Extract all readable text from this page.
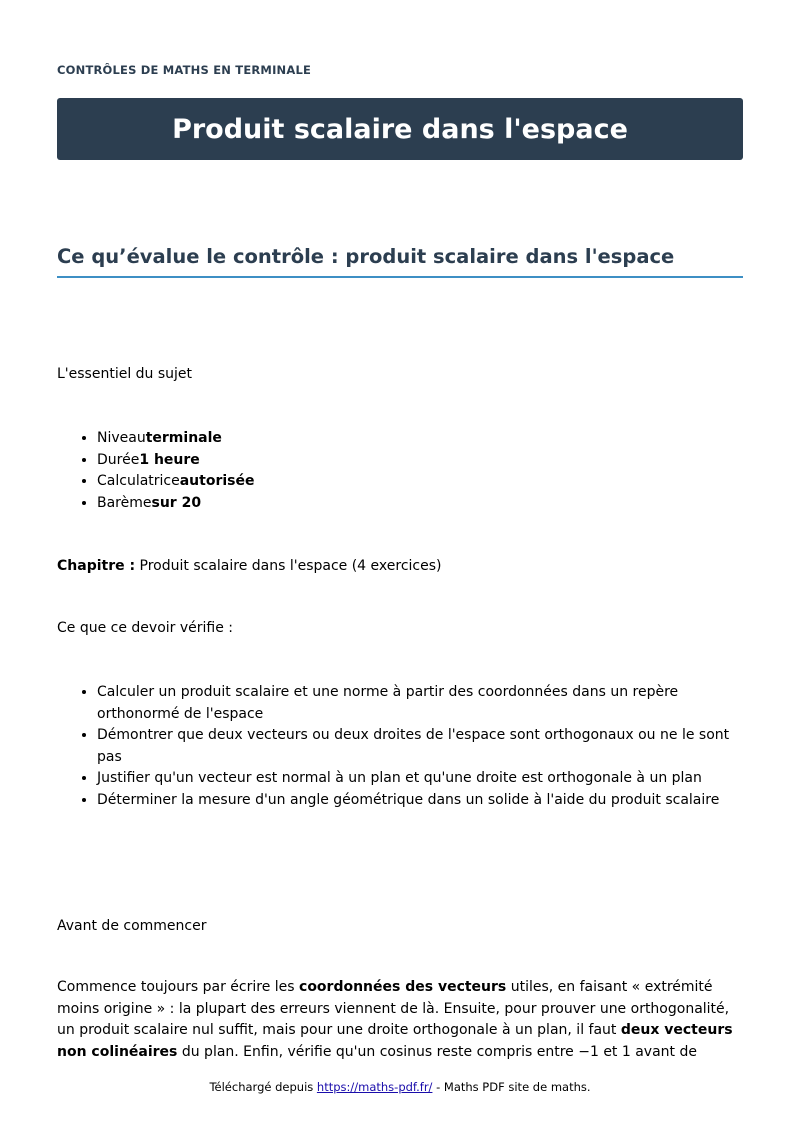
CONTRÔLES DE MATHS EN TERMINALE
Produit scalaire dans l'espace
Ce qu’évalue le contrôle : produit scalaire dans l'espace

L'essentiel du sujet

• Niveauterminale
• Durée1 heure
• Calculatriceautorisée
• Barèmesur 20

Chapitre : Produit scalaire dans l'espace (4 exercices)

Ce que ce devoir vérifie :

• Calculer un produit scalaire et une norme à partir des coordonnées dans un repère orthonormé de l'espace
• Démontrer que deux vecteurs ou deux droites de l'espace sont orthogonaux ou ne le sont pas
• Justifier qu'un vecteur est normal à un plan et qu'une droite est orthogonale à un plan
• Déterminer la mesure d'un angle géométrique dans un solide à l'aide du produit scalaire

Avant de commencer

Commence toujours par écrire les coordonnées des vecteurs utiles, en faisant « extrémité moins origine » : la plupart des erreurs viennent de là. Ensuite, pour prouver une orthogonalité, un produit scalaire nul suffit, mais pour une droite orthogonale à un plan, il faut deux vecteurs non colinéaires du plan. Enfin, vérifie qu'un cosinus reste compris entre −1 et 1 avant de

Téléchargé depuis https://maths-pdf.fr/ - Maths PDF site de maths.
